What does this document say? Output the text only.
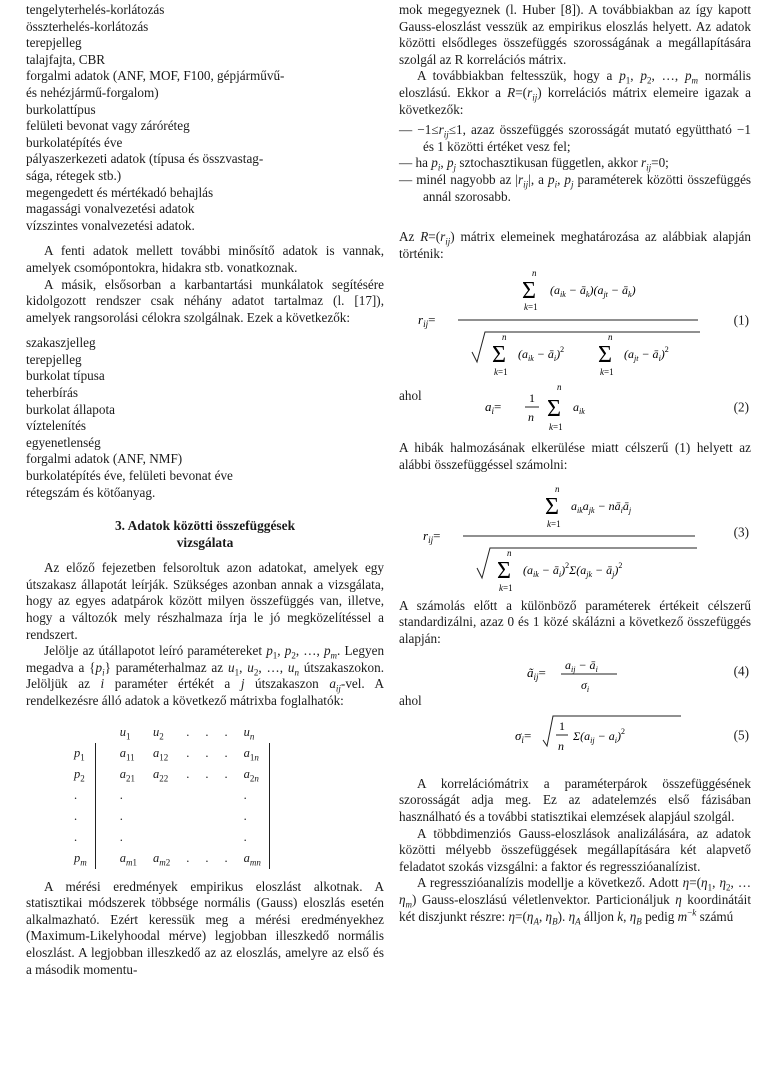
tengelyterhelés-korlátozás
összterhelés-korlátozás
terepjelleg
talajfajta, CBR
forgalmi adatok (ANF, MOF, F100, gépjárművű-
és nehézjármű-forgalom)
burkolattípus
felületi bevonat vagy záróréteg
burkolatépítés éve
pályaszerkezeti adatok (típusa és összvastag-
sága, rétegek stb.)
megengedett és mértékadó behajlás
magassági vonalvezetési adatok
vízszintes vonalvezetési adatok.

A fenti adatok mellett további minősítő adatok is vannak, amelyek csomópontokra, hidakra stb. vonatkoznak.

A másik, elsősorban a karbantartási munkálatok segítésére kidolgozott rendszer csak néhány adatot tartalmaz (l. [17]), amelyek rangsorolási célokra szolgálnak. Ezek a következők:

szakaszjelleg
terepjelleg
burkolat típusa
teherbírás
burkolat állapota
víztelenítés
egyenetlenség
forgalmi adatok (ANF, NMF)
burkolatépítés éve, felületi bevonat éve
rétegszám és kötőanyag.
3. Adatok közötti összefüggések
vizsgálata

Az előző fejezetben felsoroltuk azon adatokat, amelyek egy útszakasz állapotát leírják. Szükséges azonban annak a vizsgálata, hogy az egyes adatpárok között milyen összefüggés van, illetve, hogy a változók mely részhalmaza írja le jó megközelítéssel a rendszert.

Jelölje az útállapotot leíró paramétereket $p_1$, $p_2$, …, $p_m$. Legyen megadva a $\{p_i\}$ paraméterhalmaz az $u_1$, $u_2$, …, $u_n$ útszakaszokon. Jelöljük az i paraméter értékét a j útszakaszon $a_{ij}$-vel. A rendelkezésre álló adatok a következő mátrixba foglalhatók:

		$u_1$	$u_2$	.	.	.	$u_n$	
$p_1$		$a_{11}$	$a_{12}$	.	.	.	$a_{1n}$	
$p_2$		$a_{21}$	$a_{22}$	.	.	.	$a_{2n}$	
.		.					.	
.		.					.	
.		.					.	
$p_m$		$a_{m1}$	$a_{m2}$	.	.	.	$a_{mn}$	

A mérési eredmények empirikus eloszlást alkotnak. A statisztikai módszerek többsége normális (Gauss) eloszlás esetén alkalmazható. Ezért keressük meg a mérési eredményekhez (Maximum-Likelyhoodal mérve) legjobban illeszkedő normális eloszlást. A legjobban illeszkedő az az eloszlás, amelyre az első és a második momentu-

mok megegyeznek (l. Huber [8]). A továbbiakban az így kapott Gauss-eloszlást vesszük az empirikus eloszlás helyett. Az adatok közötti elsődleges összefüggés szorosságának a megállapítására szolgál az R korrelációs mátrix.

A továbbiakban feltesszük, hogy a $p_1$, $p_2$, …, $p_m$ normális eloszlású. Ekkor a $R=(r_{ij})$ korrelációs mátrix elemeire igazak a következők:

— $-1\le r_{ij}\le 1$, azaz összefüggés szorosságát mutató együttható −1 és 1 közötti értéket vesz fel;
— ha $p_i$, $p_j$ sztochasztikusan független, akkor $r_{ij}=0$;
— minél nagyobb az $|r_{ij}|$, a $p_i$, $p_j$ paraméterek közötti összefüggés annál szorosabb.

Az $R=(r_{ij})$ mátrix elemeinek meghatározása az alábbiak alapján történik:

$r_{ij}=$
n
Σ
k=1
($a_{ik}$ − $ā_k)(a_{jt}$ − $ā_k$)
n
Σ
k=1
($a_{ik}$ − $ā_i)^2$
n
Σ
k=1
($a_{jt}$ − $ā_i)^2$
(1)
ahol
$a_i=$
1
n
n
Σ
k=1
$a_{ik}$	(2)

A hibák halmozásának elkerülése miatt célszerű (1) helyett az alábbi összefüggéssel számolni:

$r_{ij}=$
n
Σ
k=1
$a_{ik}a_{jk}$ − $nā_iā_j$
n
Σ
k=1
($a_{ik}$ − $ā_i)^2\Sigma(a_{jk}$ − $ā_j)^2$
(3)

A számolás előtt a különböző paraméterek értékeit célszerű standardizálni, azaz 0 és 1 közé skálázni a következő összefüggés alapján:

$ã_{ij}= a_{ij}$ − $ā_i$
$\sigma_i$
(4)

ahol

$\sigma_i=$
1
n
$\Sigma(a_{ij} - a_i)^2$	(5)

A korrelációmátrix a paraméterpárok összefüggésének szorosságát adja meg. Ez az adatelemzés első fázisában használható és a további statisztikai elemzések alapjául szolgál.

A többdimenziós Gauss-eloszlások analizálására, az adatok közötti mélyebb összefüggések megállapítására két alapvető feladatot szokás vizsgálni: a faktor és regresszióanalízist.

A regresszióanalízis modellje a következő. Adott $\eta=(\eta_1$, $\eta_2$, … $\eta_m$) Gauss-eloszlású véletlenvektor. Particionáljuk η koordinátáit két diszjunkt részre: $\eta=(\eta_A$, $\eta_B$). $\eta_A$ álljon k, $\eta_B$ pedig $m^{-k}$ számú
